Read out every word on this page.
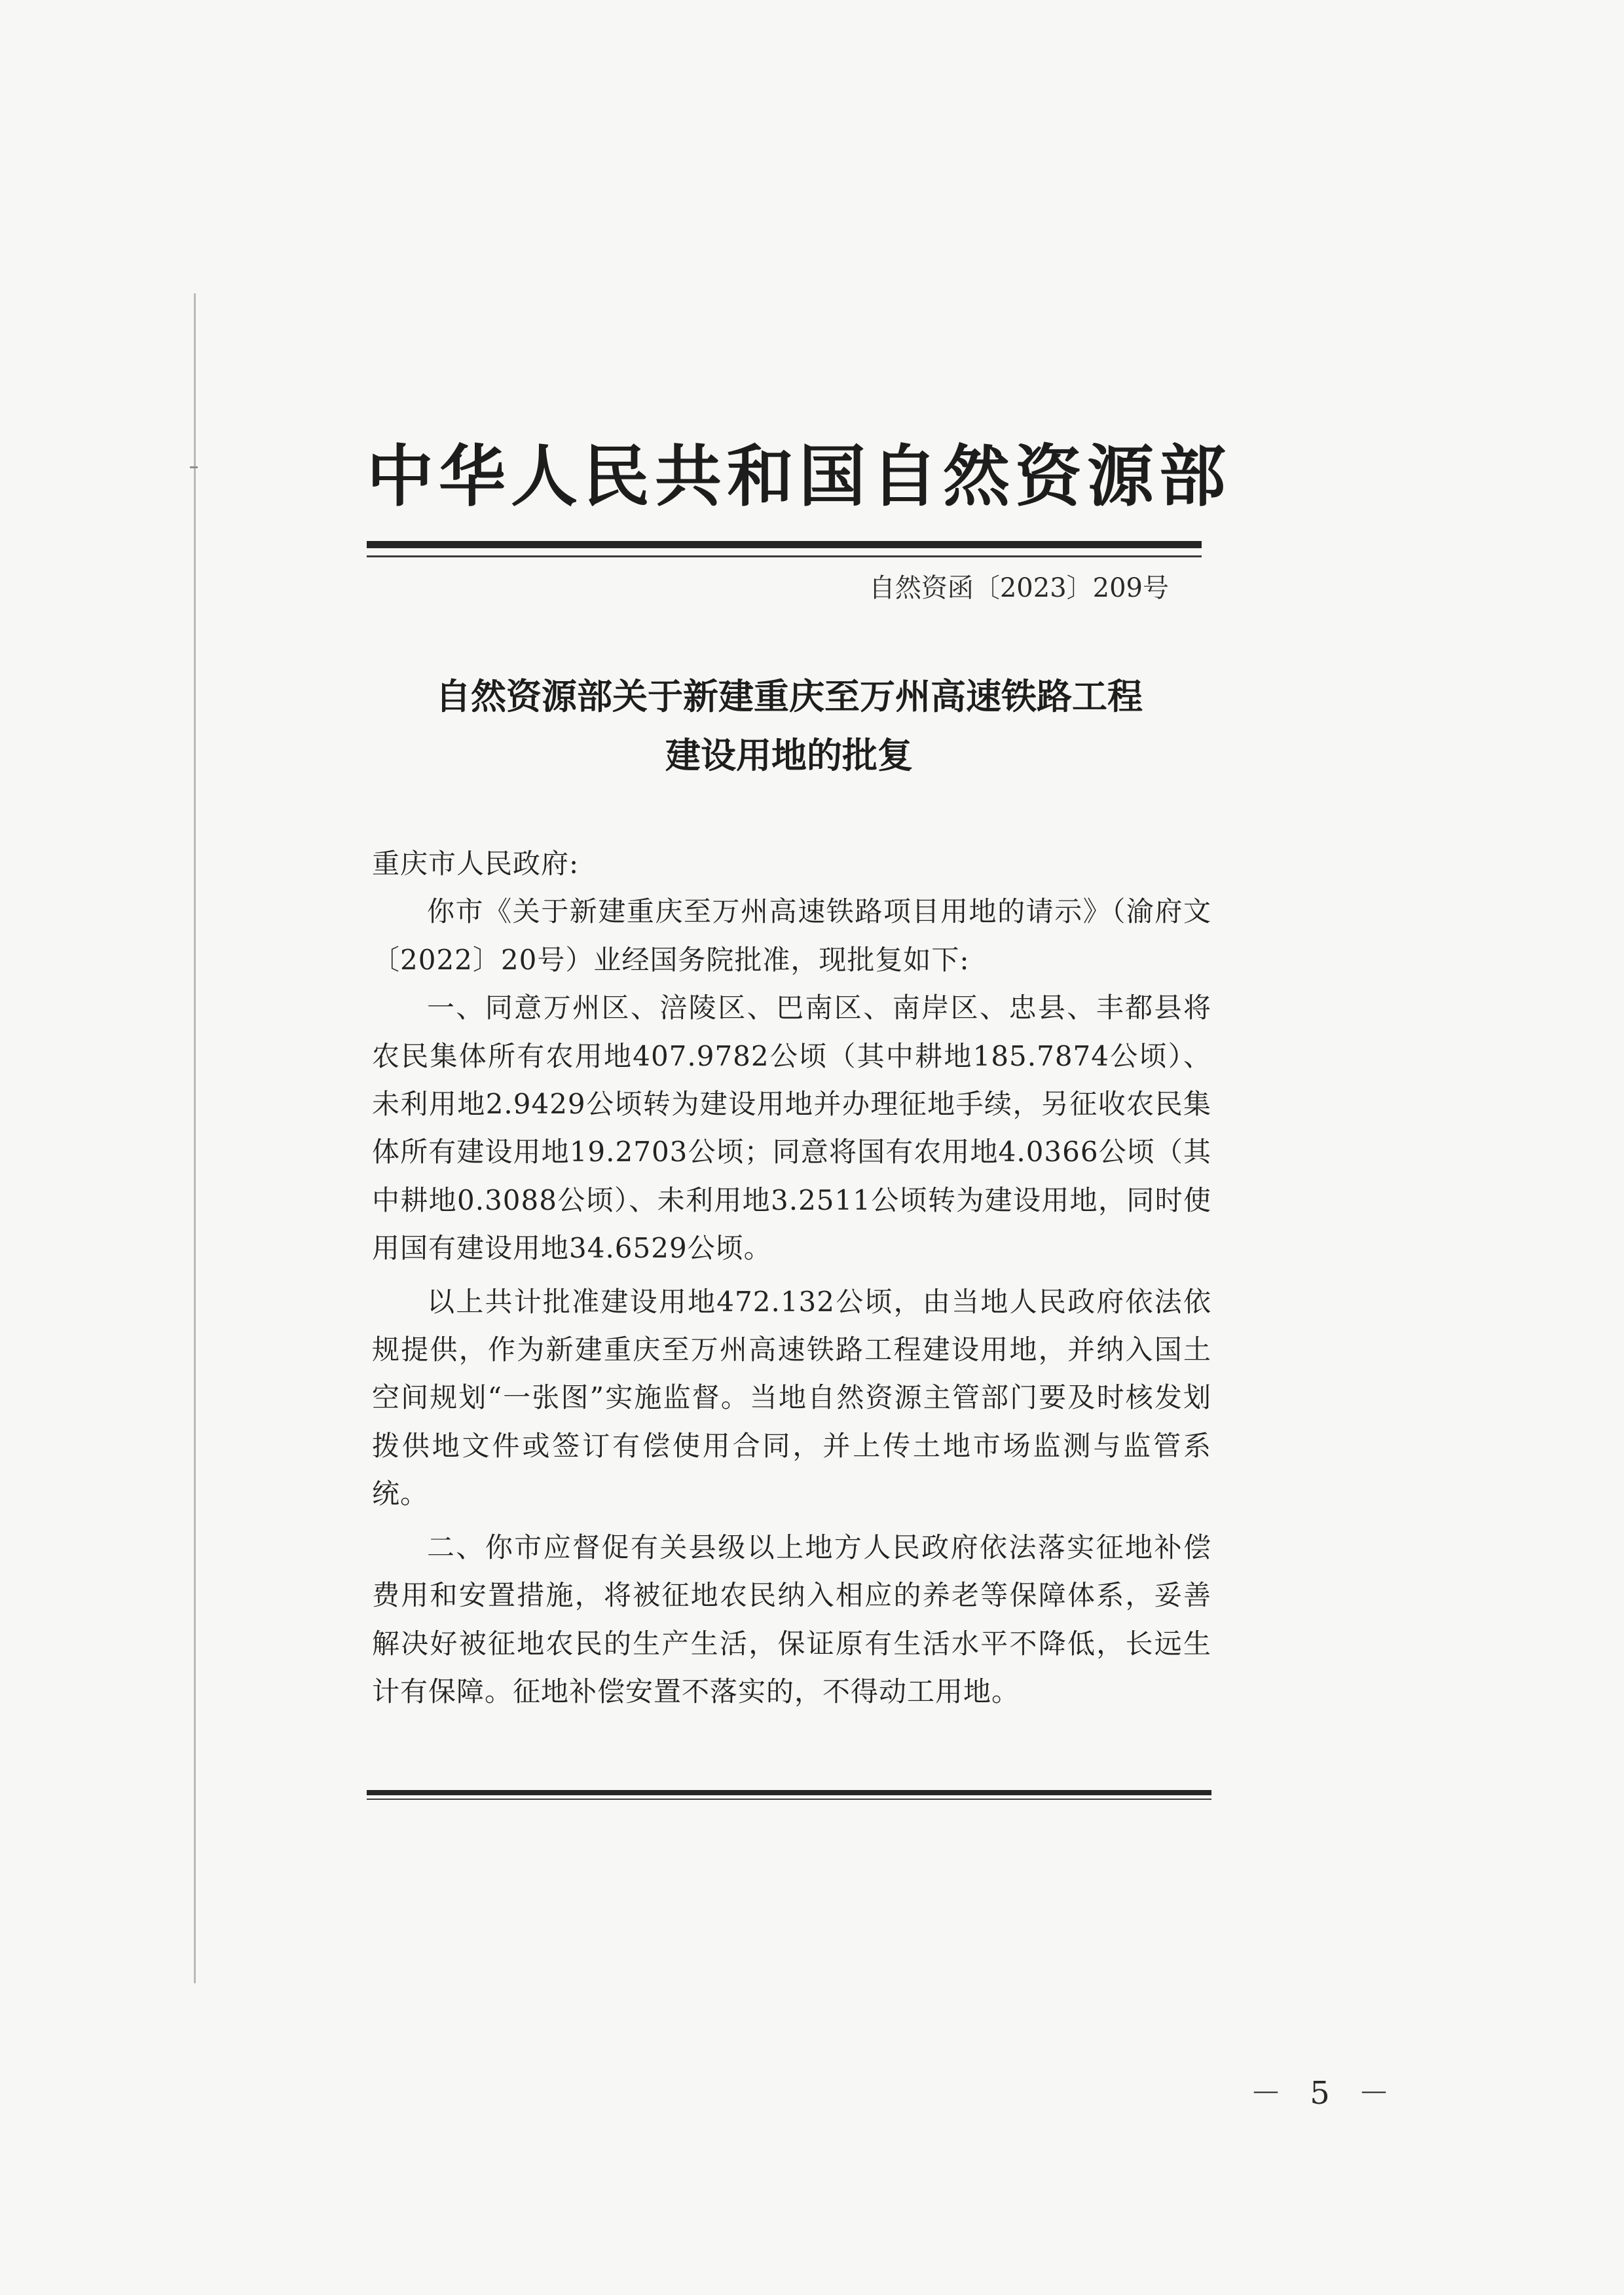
中华人民共和国自然资源部

自然资函〔2023〕209号

自然资源部关于新建重庆至万州高速铁路工程
建设用地的批复

重庆市人民政府:

你市《关于新建重庆至万州高速铁路项目用地的请示》（渝府文〔2022〕20号）业经国务院批准，现批复如下:

一、同意万州区、涪陵区、巴南区、南岸区、忠县、丰都县将农民集体所有农用地407.9782公顷（其中耕地185.7874公顷）、未利用地2.9429公顷转为建设用地并办理征地手续，另征收农民集体所有建设用地19.2703公顷；同意将国有农用地4.0366公顷（其中耕地0.3088公顷）、未利用地3.2511公顷转为建设用地，同时使用国有建设用地34.6529公顷。

以上共计批准建设用地472.132公顷，由当地人民政府依法依规提供，作为新建重庆至万州高速铁路工程建设用地，并纳入国土空间规划“一张图”实施监督。当地自然资源主管部门要及时核发划拨供地文件或签订有偿使用合同，并上传土地市场监测与监管系统。

二、你市应督促有关县级以上地方人民政府依法落实征地补偿费用和安置措施，将被征地农民纳入相应的养老等保障体系，妥善解决好被征地农民的生产生活，保证原有生活水平不降低，长远生计有保障。征地补偿安置不落实的，不得动工用地。

－ 5 －
